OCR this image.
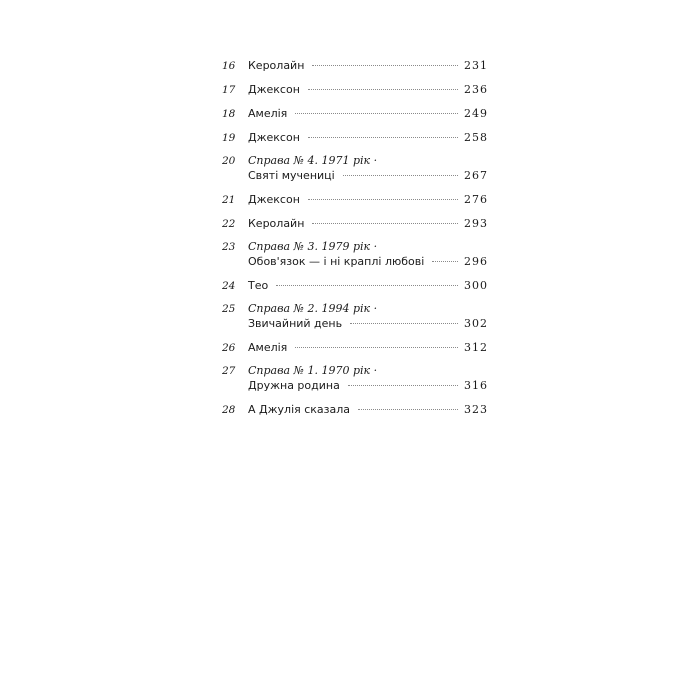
16	Керолайн	231
17	Джексон	236
18	Амелія	249
19	Джексон	258
20	Справа № 4. 1971 рік ·
Святі мучениці	267
21	Джексон	276
22	Керолайн	293
23	Справа № 3. 1979 рік ·
Обов'язок — і ні краплі любові	296
24	Тео	300
25	Справа № 2. 1994 рік ·
Звичайний день	302
26	Амелія	312
27	Справа № 1. 1970 рік ·
Дружна родина	316
28	А Джулія сказала	323
